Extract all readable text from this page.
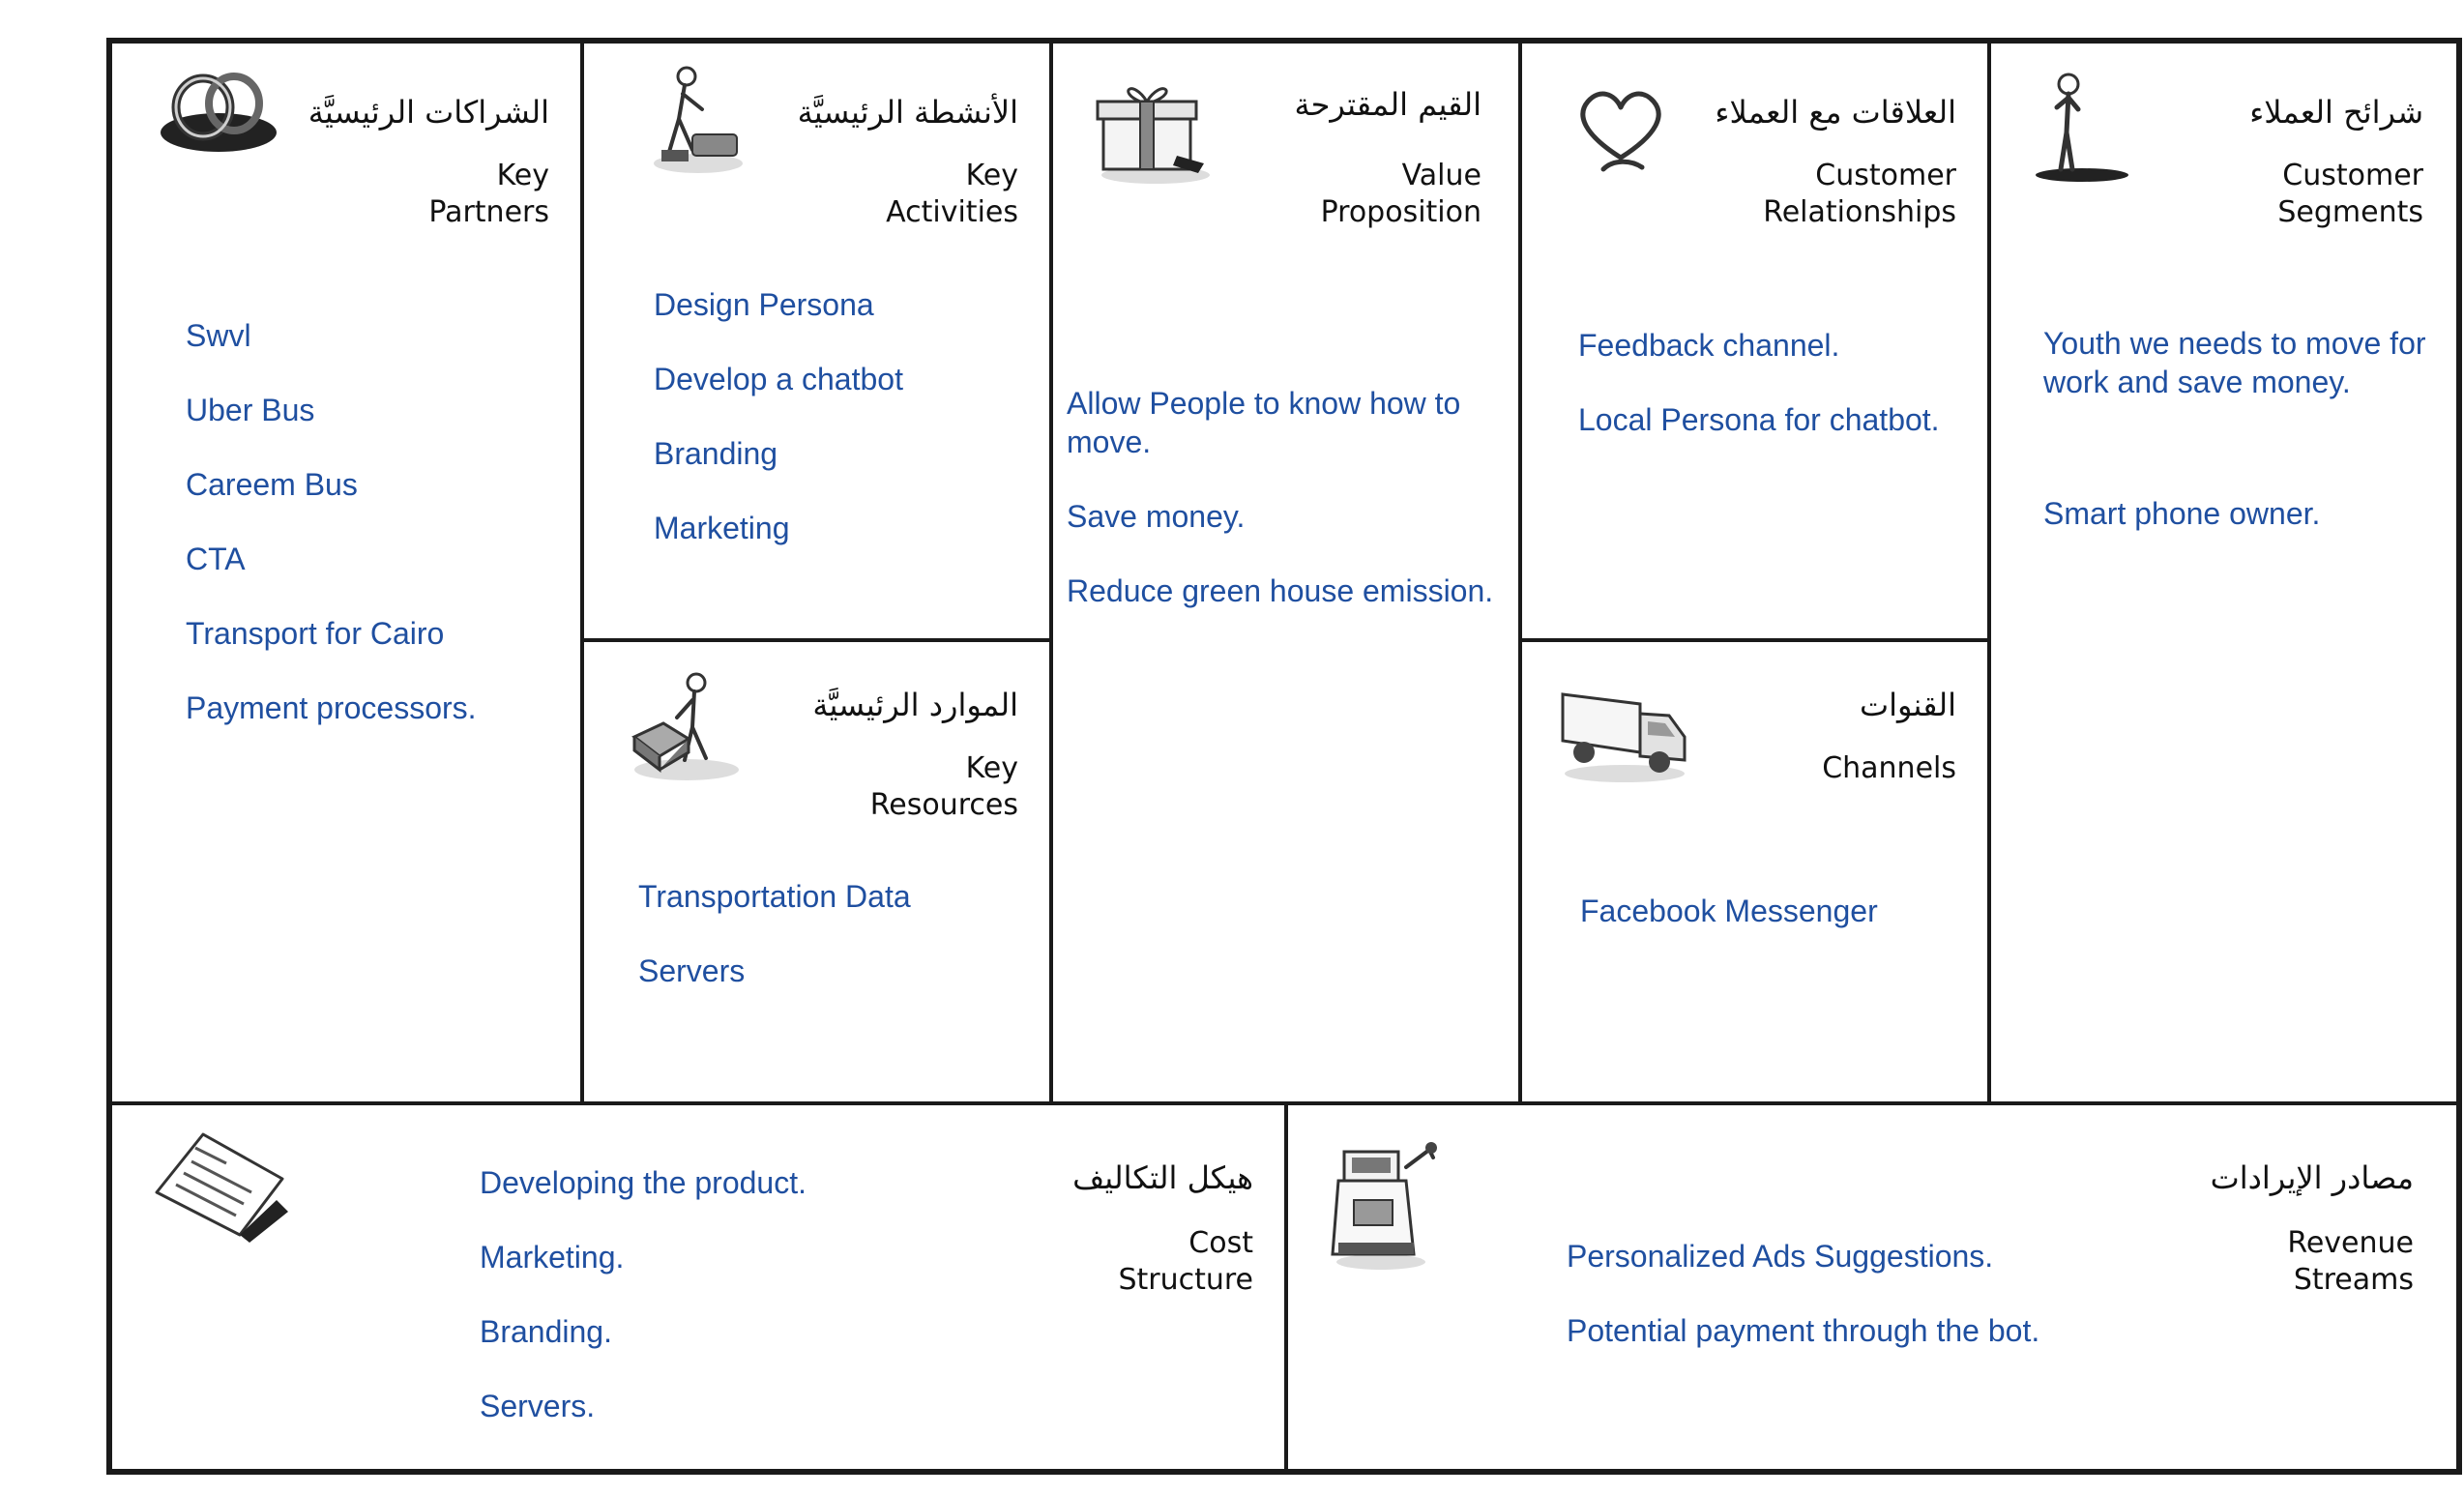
الشراكات الرئيسيَّة
Key
Partners
Swvl
Uber Bus
Careem Bus
CTA
Transport for Cairo
Payment processors.
الأنشطة الرئيسيَّة
Key
Activities
Design Persona
Develop a chatbot
Branding
Marketing
الموارد الرئيسيَّة
Key
Resources
Transportation Data
Servers
القيم المقترحة
Value
Proposition
Allow People to know how to move.
Save money.
Reduce green house emission.
العلاقات مع العملاء
Customer
Relationships
Feedback channel.
Local Persona for chatbot.
القنوات
Channels
Facebook Messenger
شرائح العملاء
Customer
Segments
Youth we needs to move for work and save money.
Smart phone owner.
هيكل التكاليف
Cost
Structure
Developing the product.
Marketing.
Branding.
Servers.
مصادر الإيرادات
Revenue
Streams
Personalized Ads Suggestions.
Potential payment through the bot.
